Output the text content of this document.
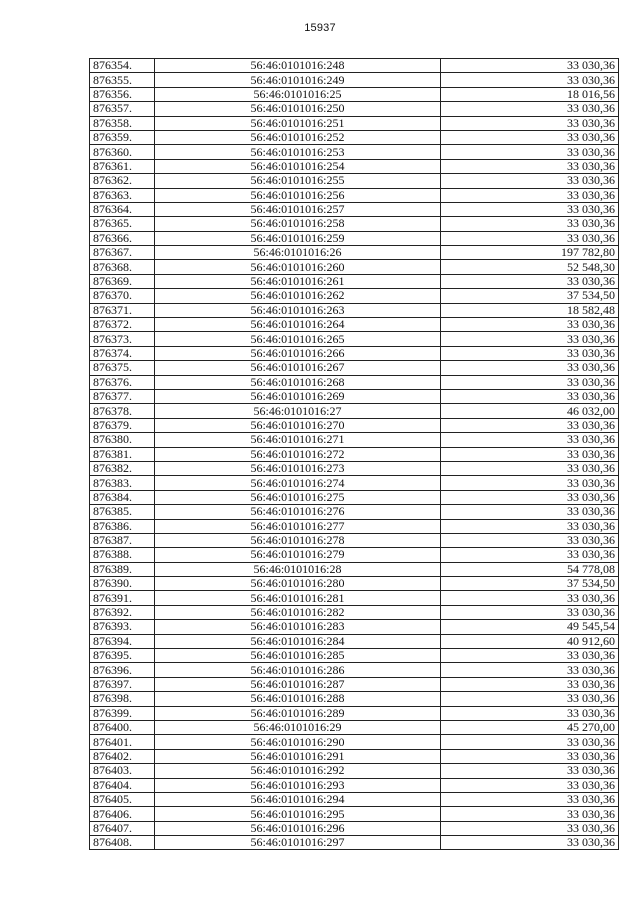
15937
876354.	56:46:0101016:248	33 030,36
876355.	56:46:0101016:249	33 030,36
876356.	56:46:0101016:25	18 016,56
876357.	56:46:0101016:250	33 030,36
876358.	56:46:0101016:251	33 030,36
876359.	56:46:0101016:252	33 030,36
876360.	56:46:0101016:253	33 030,36
876361.	56:46:0101016:254	33 030,36
876362.	56:46:0101016:255	33 030,36
876363.	56:46:0101016:256	33 030,36
876364.	56:46:0101016:257	33 030,36
876365.	56:46:0101016:258	33 030,36
876366.	56:46:0101016:259	33 030,36
876367.	56:46:0101016:26	197 782,80
876368.	56:46:0101016:260	52 548,30
876369.	56:46:0101016:261	33 030,36
876370.	56:46:0101016:262	37 534,50
876371.	56:46:0101016:263	18 582,48
876372.	56:46:0101016:264	33 030,36
876373.	56:46:0101016:265	33 030,36
876374.	56:46:0101016:266	33 030,36
876375.	56:46:0101016:267	33 030,36
876376.	56:46:0101016:268	33 030,36
876377.	56:46:0101016:269	33 030,36
876378.	56:46:0101016:27	46 032,00
876379.	56:46:0101016:270	33 030,36
876380.	56:46:0101016:271	33 030,36
876381.	56:46:0101016:272	33 030,36
876382.	56:46:0101016:273	33 030,36
876383.	56:46:0101016:274	33 030,36
876384.	56:46:0101016:275	33 030,36
876385.	56:46:0101016:276	33 030,36
876386.	56:46:0101016:277	33 030,36
876387.	56:46:0101016:278	33 030,36
876388.	56:46:0101016:279	33 030,36
876389.	56:46:0101016:28	54 778,08
876390.	56:46:0101016:280	37 534,50
876391.	56:46:0101016:281	33 030,36
876392.	56:46:0101016:282	33 030,36
876393.	56:46:0101016:283	49 545,54
876394.	56:46:0101016:284	40 912,60
876395.	56:46:0101016:285	33 030,36
876396.	56:46:0101016:286	33 030,36
876397.	56:46:0101016:287	33 030,36
876398.	56:46:0101016:288	33 030,36
876399.	56:46:0101016:289	33 030,36
876400.	56:46:0101016:29	45 270,00
876401.	56:46:0101016:290	33 030,36
876402.	56:46:0101016:291	33 030,36
876403.	56:46:0101016:292	33 030,36
876404.	56:46:0101016:293	33 030,36
876405.	56:46:0101016:294	33 030,36
876406.	56:46:0101016:295	33 030,36
876407.	56:46:0101016:296	33 030,36
876408.	56:46:0101016:297	33 030,36
